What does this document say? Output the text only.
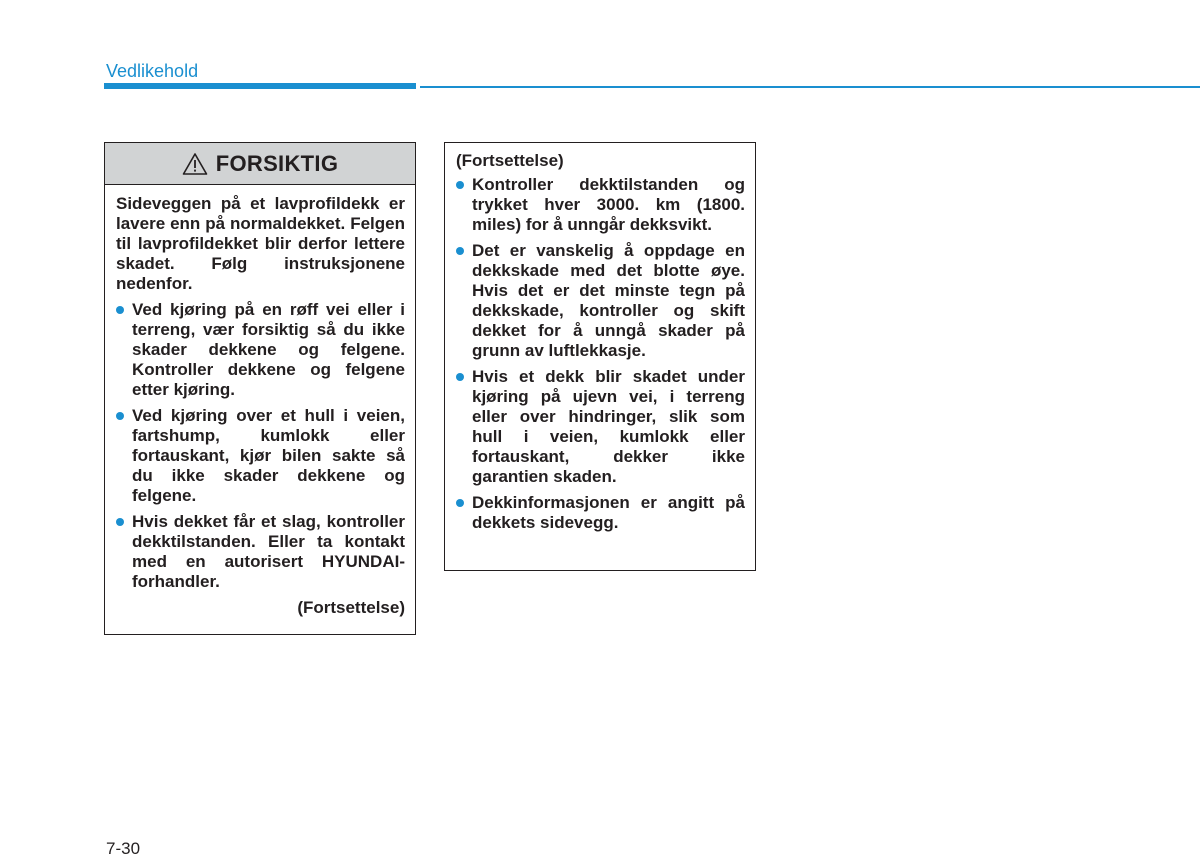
Vedlikehold
FORSIKTIG

Sideveggen på et lavprofildekk er lavere enn på normaldekket. Felgen til lavprofildekket blir derfor lettere skadet. Følg instruksjonene nedenfor.

Ved kjøring på en røff vei eller i terreng, vær forsiktig så du ikke skader dekkene og felgene. Kontroller dekkene og felgene etter kjøring.
Ved kjøring over et hull i veien, fartshump, kumlokk eller fortauskant, kjør bilen sakte så du ikke skader dekkene og felgene.
Hvis dekket får et slag, kontroller dekktilstanden. Eller ta kontakt med en autorisert HYUNDAI-forhandler.

(Fortsettelse)

(Fortsettelse)

Kontroller dekktilstanden og trykket hver 3000. km (1800. miles) for å unngår dekksvikt.
Det er vanskelig å oppdage en dekkskade med det blotte øye. Hvis det er det minste tegn på dekkskade, kontroller og skift dekket for å unngå skader på grunn av luftlekkasje.
Hvis et dekk blir skadet under kjøring på ujevn vei, i terreng eller over hindringer, slik som hull i veien, kumlokk eller fortauskant, dekker ikke garantien skaden.
Dekkinformasjonen er angitt på dekkets sidevegg.
7-30
